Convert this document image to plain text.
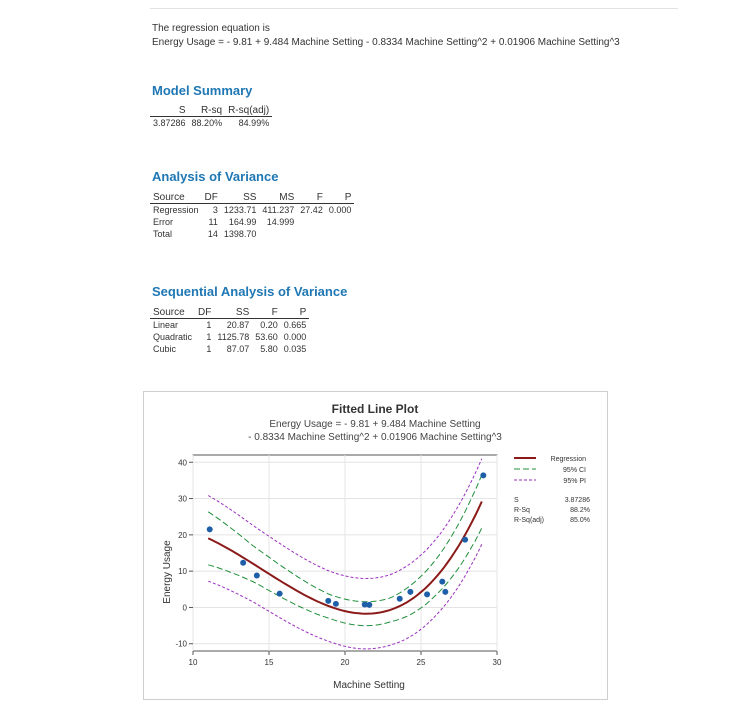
The regression equation is
Energy Usage = - 9.81 + 9.484 Machine Setting - 0.8334 Machine Setting^2 + 0.01906 Machine Setting^3
Model Summary
S	R-sq	R-sq(adj)
3.87286	88.20%	84.99%
Analysis of Variance
Source	DF	SS	MS	F	P
Regression	3	1233.71	411.237	27.42	0.000
Error	11	164.99	14.999		
Total	14	1398.70			
Sequential Analysis of Variance
Source	DF	SS	F	P
Linear	1	20.87	0.20	0.665
Quadratic	1	1125.78	53.60	0.000
Cubic	1	87.07	5.80	0.035
Fitted Line Plot
Energy Usage = - 9.81 + 9.484 Machine Setting
- 0.8334 Machine Setting^2 + 0.01906 Machine Setting^3
Machine Setting
Energy Usage
10	15	20	25	30
-10
0
10
20
30
40	Regression
95% CI
95% PI
S	3.87286
R-Sq	88.2%
R-Sq(adj)	85.0%
